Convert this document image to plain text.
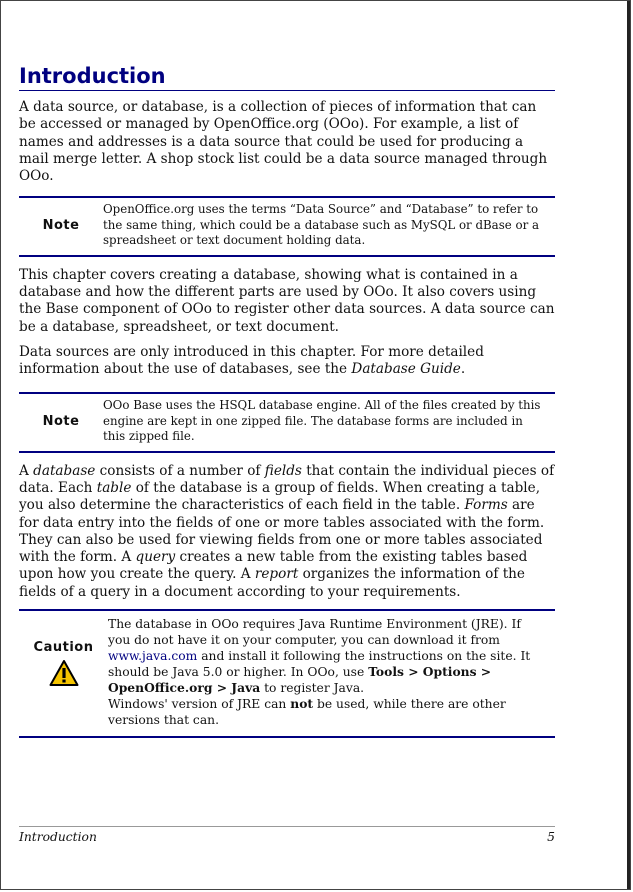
Introduction

A data source, or database, is a collection of pieces of information that can be accessed or managed by OpenOffice.org (OOo). For example, a list of names and addresses is a data source that could be used for producing a mail merge letter. A shop stock list could be a data source managed through OOo.

Note
OpenOffice.org uses the terms “Data Source” and “Database” to refer to the same thing, which could be a database such as MySQL or dBase or a spreadsheet or text document holding data.

This chapter covers creating a database, showing what is contained in a database and how the different parts are used by OOo. It also covers using the Base component of OOo to register other data sources. A data source can be a database, spreadsheet, or text document.

Data sources are only introduced in this chapter. For more detailed information about the use of databases, see the Database Guide.

Note
OOo Base uses the HSQL database engine. All of the files created by this engine are kept in one zipped file. The database forms are included in this zipped file.

A database consists of a number of fields that contain the individual pieces of data. Each table of the database is a group of fields. When creating a table, you also determine the characteristics of each field in the table. Forms are for data entry into the fields of one or more tables associated with the form. They can also be used for viewing fields from one or more tables associated with the form. A query creates a new table from the existing tables based upon how you create the query. A report organizes the information of the fields of a query in a document according to your requirements.

Caution
The database in OOo requires Java Runtime Environment (JRE). If you do not have it on your computer, you can download it from www.java.com and install it following the instructions on the site. It should be Java 5.0 or higher. In OOo, use Tools > Options > OpenOffice.org > Java to register Java.
Windows' version of JRE can not be used, while there are other versions that can.
Introduction	5
